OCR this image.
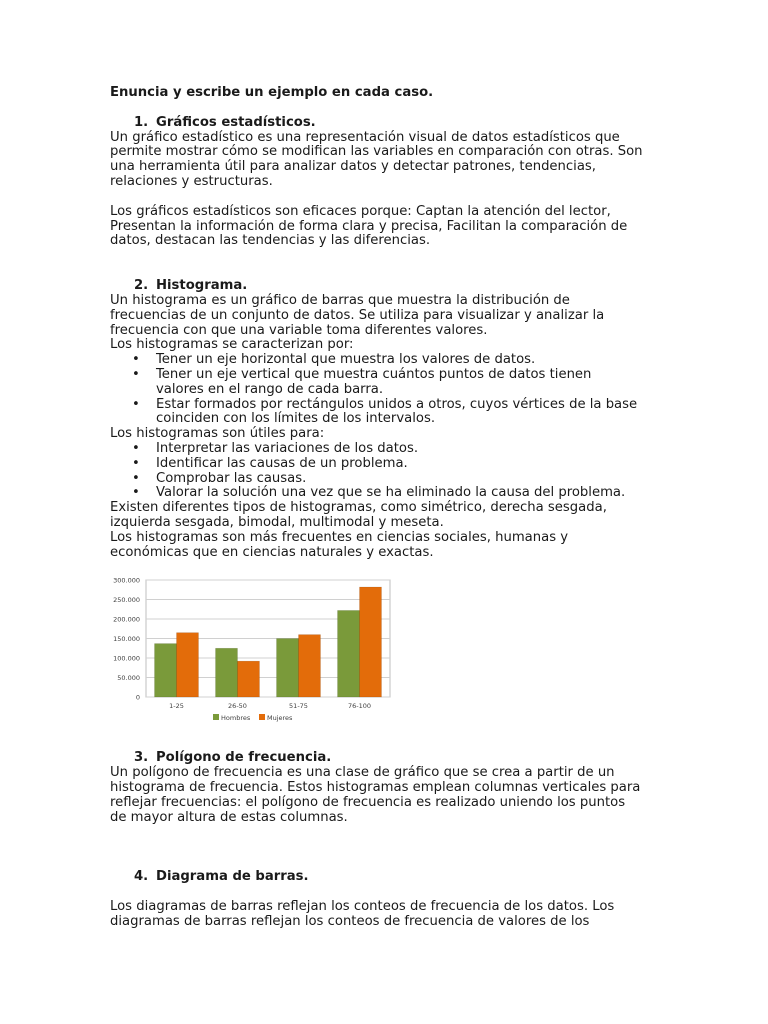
Enuncia y escribe un ejemplo en cada caso.

1. Gráficos estadísticos.

Un gráfico estadístico es una representación visual de datos estadísticos que

permite mostrar cómo se modifican las variables en comparación con otras. Son

una herramienta útil para analizar datos y detectar patrones, tendencias,

relaciones y estructuras.

Los gráficos estadísticos son eficaces porque: Captan la atención del lector,

Presentan la información de forma clara y precisa, Facilitan la comparación de

datos, destacan las tendencias y las diferencias.

2. Histograma.

Un histograma es un gráfico de barras que muestra la distribución de

frecuencias de un conjunto de datos. Se utiliza para visualizar y analizar la

frecuencia con que una variable toma diferentes valores.

Los histogramas se caracterizan por:

• Tener un eje horizontal que muestra los valores de datos.
• Tener un eje vertical que muestra cuántos puntos de datos tienen
valores en el rango de cada barra.
• Estar formados por rectángulos unidos a otros, cuyos vértices de la base
coinciden con los límites de los intervalos.

Los histogramas son útiles para:

• Interpretar las variaciones de los datos.
• Identificar las causas de un problema.
• Comprobar las causas.
• Valorar la solución una vez que se ha eliminado la causa del problema.

Existen diferentes tipos de histogramas, como simétrico, derecha sesgada,

izquierda sesgada, bimodal, multimodal y meseta.

Los histogramas son más frecuentes en ciencias sociales, humanas y

económicas que en ciencias naturales y exactas.

0
50.000
100.000
150.000
200.000
250.000
300.000
1-25	26-50	51-75	76-100
Hombres	Mujeres

3. Polígono de frecuencia.

Un polígono de frecuencia es una clase de gráfico que se crea a partir de un

histograma de frecuencia. Estos histogramas emplean columnas verticales para

reflejar frecuencias: el polígono de frecuencia es realizado uniendo los puntos

de mayor altura de estas columnas.

4. Diagrama de barras.

Los diagramas de barras reflejan los conteos de frecuencia de los datos. Los

diagramas de barras reflejan los conteos de frecuencia de valores de los
